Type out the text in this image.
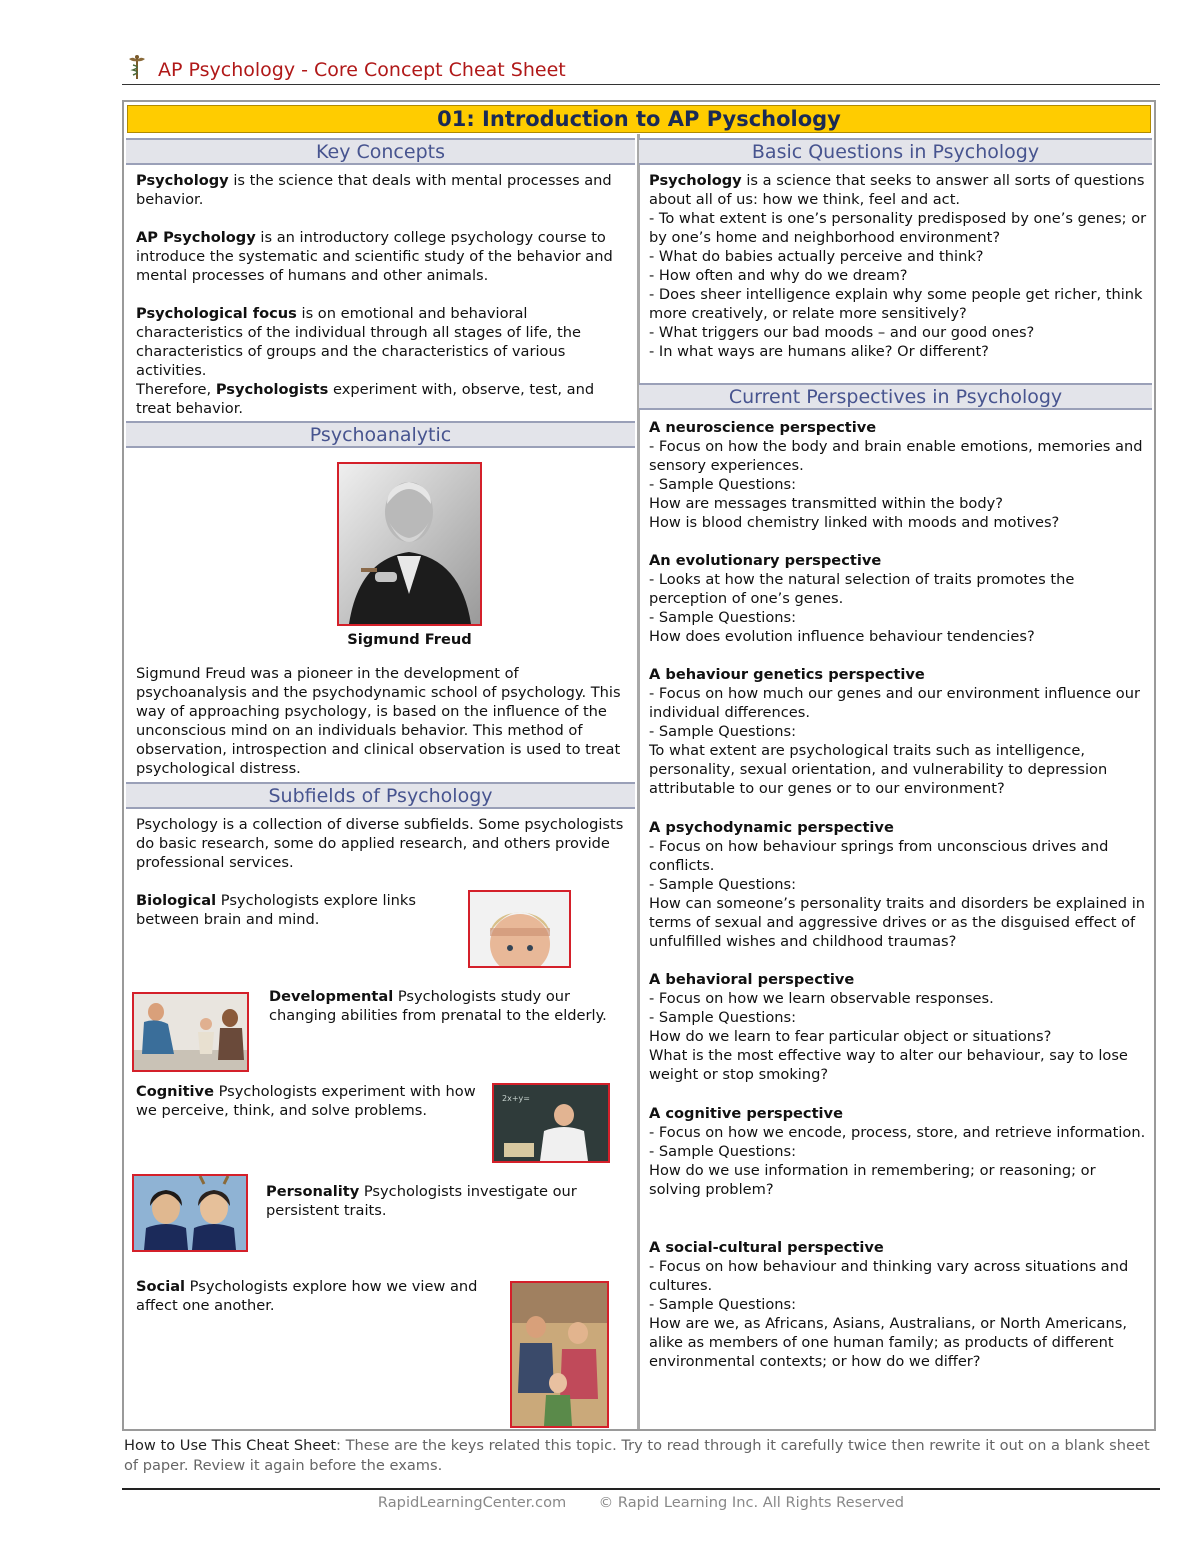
AP Psychology - Core Concept Cheat Sheet
01: Introduction to AP Pyschology
Key Concepts
Psychology is the science that deals with mental processes and behavior.
AP Psychology is an introductory college psychology course to introduce the systematic and scientific study of the behavior and mental processes of humans and other animals.
Psychological focus is on emotional and behavioral characteristics of the individual through all stages of life, the characteristics of groups and the characteristics of various activities.
Therefore, Psychologists experiment with, observe, test, and treat behavior.
Psychoanalytic
Sigmund Freud
Sigmund Freud was a pioneer in the development of psychoanalysis and the psychodynamic school of psychology. This way of approaching psychology, is based on the influence of the unconscious mind on an individuals behavior. This method of observation, introspection and clinical observation is used to treat psychological distress.
Subfields of Psychology
Psychology is a collection of diverse subfields. Some psychologists do basic research, some do applied research, and others provide professional services.
Biological Psychologists explore links between brain and mind.
Developmental Psychologists study our changing abilities from prenatal to the elderly.
Cognitive Psychologists experiment with how we perceive, think, and solve problems.
2x+y=
Personality Psychologists investigate our persistent traits.
Social Psychologists explore how we view and affect one another.
Basic Questions in Psychology
Psychology is a science that seeks to answer all sorts of questions about all of us: how we think, feel and act.
- To what extent is one’s personality predisposed by one’s genes; or by one’s home and neighborhood environment?
- What do babies actually perceive and think?
- How often and why do we dream?
- Does sheer intelligence explain why some people get richer, think more creatively, or relate more sensitively?
- What triggers our bad moods – and our good ones?
- In what ways are humans alike? Or different?
Current Perspectives in Psychology
A neuroscience perspective
- Focus on how the body and brain enable emotions, memories and sensory experiences.
- Sample Questions:
How are messages transmitted within the body?
How is blood chemistry linked with moods and motives?
An evolutionary perspective
- Looks at how the natural selection of traits promotes the perception of one’s genes.
- Sample Questions:
How does evolution influence behaviour tendencies?
A behaviour genetics perspective
- Focus on how much our genes and our environment influence our individual differences.
- Sample Questions:
To what extent are psychological traits such as intelligence, personality, sexual orientation, and vulnerability to depression attributable to our genes or to our environment?
A psychodynamic perspective
- Focus on how behaviour springs from unconscious drives and conflicts.
- Sample Questions:
How can someone’s personality traits and disorders be explained in terms of sexual and aggressive drives or as the disguised effect of unfulfilled wishes and childhood traumas?
A behavioral perspective
- Focus on how we learn observable responses.
- Sample Questions:
How do we learn to fear particular object or situations?
What is the most effective way to alter our behaviour, say to lose weight or stop smoking?
A cognitive perspective
- Focus on how we encode, process, store, and retrieve information.
- Sample Questions:
How do we use information in remembering; or reasoning; or solving problem?
A social-cultural perspective
- Focus on how behaviour and thinking vary across situations and cultures.
- Sample Questions:
How are we, as Africans, Asians, Australians, or North Americans, alike as members of one human family; as products of different environmental contexts; or how do we differ?
How to Use This Cheat Sheet: These are the keys related this topic. Try to read through it carefully twice then rewrite it out on a blank sheet of paper. Review it again before the exams.
RapidLearningCenter.com       © Rapid Learning Inc. All Rights Reserved
